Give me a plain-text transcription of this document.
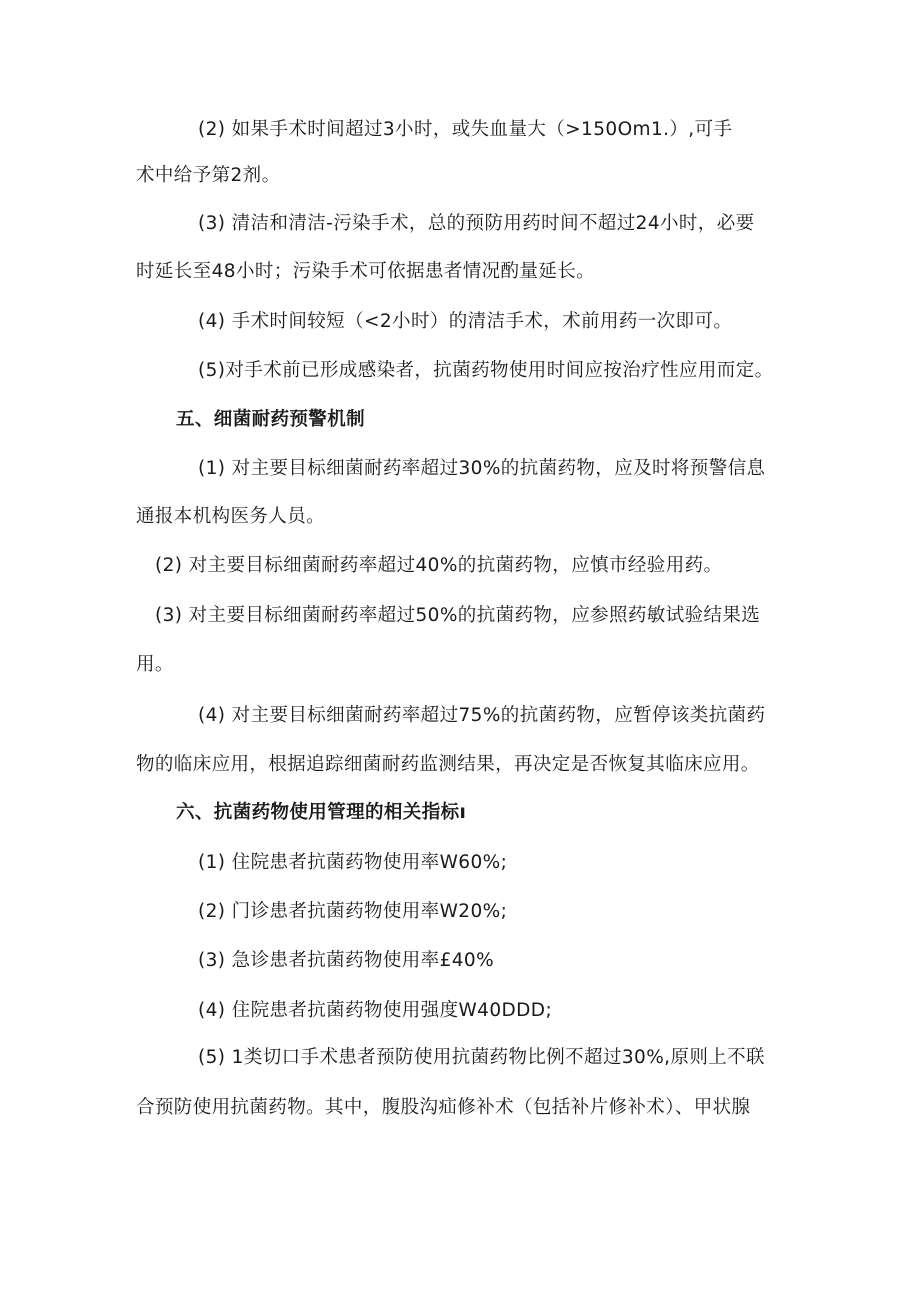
(2) 如果手术时间超过3小时，或失血量大（>150Om1.）,可手
术中给予第2剂。
(3) 清洁和清洁-污染手术，总的预防用药时间不超过24小时，必要
时延长至48小时；污染手术可依据患者情况酌量延长。
(4) 手术时间较短（<2小时）的清洁手术，术前用药一次即可。
(5)对手术前已形成感染者，抗菌药物使用时间应按治疗性应用而定。
五、细菌耐药预警机制
(1) 对主要目标细菌耐药率超过30%的抗菌药物，应及时将预警信息
通报本机构医务人员。
(2) 对主要目标细菌耐药率超过40%的抗菌药物，应慎市经验用药。
(3) 对主要目标细菌耐药率超过50%的抗菌药物，应参照药敏试验结果选
用。
(4) 对主要目标细菌耐药率超过75%的抗菌药物，应暂停该类抗菌药
物的临床应用，根据追踪细菌耐药监测结果，再决定是否恢复其临床应用。
六、抗菌药物使用管理的相关指标ı
(1) 住院患者抗菌药物使用率W60%;
(2) 门诊患者抗菌药物使用率W20%;
(3) 急诊患者抗菌药物使用率£40%
(4) 住院患者抗菌药物使用强度W40DDD;
(5) 1类切口手术患者预防使用抗菌药物比例不超过30%,原则上不联
合预防使用抗菌药物。其中，腹股沟疝修补术（包括补片修补术）、甲状腺
